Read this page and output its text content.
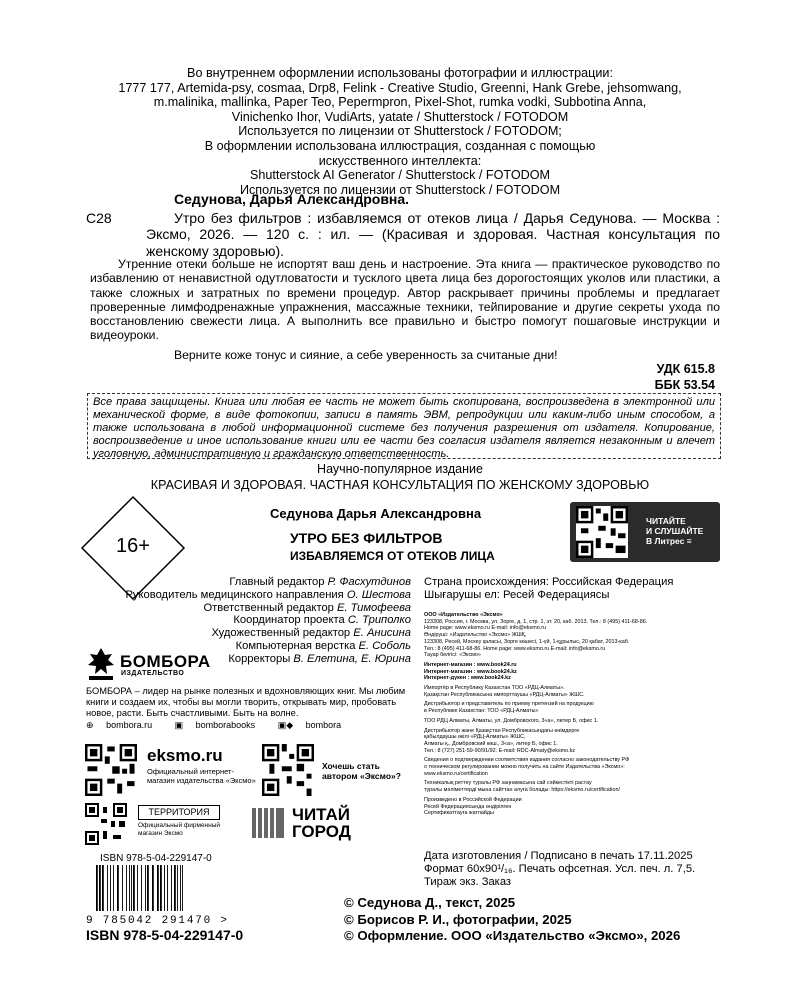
Во внутреннем оформлении использованы фотографии и иллюстрации:
1777 177, Artemida-psy, cosmaa, Drp8, Felink - Creative Studio, Greenni, Hank Grebe, jehsomwang,
m.malinika, mallinka, Paper Teo, Pepermpron, Pixel-Shot, rumka vodki, Subbotina Anna,
Vinichenko Ihor, VudiArts, yatate / Shutterstock / FOTODOM
Используется по лицензии от Shutterstock / FOTODOM;
В оформлении использована иллюстрация, созданная с помощью
искусственного интеллекта:
Shutterstock AI Generator / Shutterstock / FOTODOM
Используется по лицензии от Shutterstock / FOTODOM
Седунова, Дарья Александровна.
С28	Утро без фильтров : избавляемся от отеков лица / Дарья Седунова. — Москва : Эксмо, 2026. — 120 с. : ил. — (Красивая и здоровая. Частная консультация по женскому здоровью).
Утренние отеки больше не испортят ваш день и настроение. Эта книга — практическое руководство по избавлению от ненавистной одутловатости и тусклого цвета лица без дорогостоящих уколов или пластики, а также сложных и затратных по времени процедур. Автор раскрывает причины проблемы и предлагает проверенные лимфодренажные упражнения, массажные техники, тейпирование и другие секреты ухода по восстановлению свежести лица. А выполнить все правильно и быстро помогут пошаговые инструкции и видеоуроки.
Верните коже тонус и сияние, а себе уверенность за считаные дни!
УДК 615.8
ББК 53.54
Все права защищены. Книга или любая ее часть не может быть скопирована, воспроизведена в электронной или механической форме, в виде фотокопии, записи в память ЭВМ, репродукции или каким-либо иным способом, а также использована в любой информационной системе без получения разрешения от издателя. Копирование, воспроизведение и иное использование книги или ее части без согласия издателя является незаконным и влечет уголовную, административную и гражданскую ответственность.
Научно-популярное издание
КРАСИВАЯ И ЗДОРОВАЯ. ЧАСТНАЯ КОНСУЛЬТАЦИЯ ПО ЖЕНСКОМУ ЗДОРОВЬЮ
16+
Седунова Дарья Александровна
УТРО БЕЗ ФИЛЬТРОВ
ИЗБАВЛЯЕМСЯ ОТ ОТЕКОВ ЛИЦА
ЧИТАЙТЕ
И СЛУШАЙТЕ
В Литрес ≡
Главный редактор Р. Фасхутдинов
Руководитель медицинского направления О. Шестова
Ответственный редактор Е. Тимофеева
Координатор проекта С. Триполко
Художественный редактор Е. Анисина
Компьютерная верстка Е. Соболь
Корректоры В. Елетина, Е. Юрина
Страна происхождения: Российская Федерация
Шығарушы ел: Ресей Федерациясы
ООО «Издательство «Эксмо»
123308, Россия, г. Москва, ул. Зорге, д. 1, стр. 1, эт. 20, каб. 2013. Тел.: 8 (495) 411-68-86.
Home page: www.eksmo.ru E-mail: info@eksmo.ru
Өндіруші: «Издательство «Эксмо» ЖШҚ,
123308, Ресей, Мәскеу қаласы, Зорге көшесі, 1-үй, 1-құрылыс, 20 қабат, 2013-каб.
Тел.: 8 (495) 411-68-86. Home page: www.eksmo.ru E-mail: info@eksmo.ru
Тауар белгісі: «Эксмо»
Интернет-магазин : www.book24.ru
Интернет-магазин : www.book24.kz
Интернет-дүкен : www.book24.kz
Импортёр в Республику Казахстан ТОО «РДЦ-Алматы».
Қазақстан Республикасына импорттаушы «РДЦ-Алматы» ЖШС.
Дистрибьютор и представитель по приему претензий на продукцию
в Республике Казахстан: ТОО «РДЦ-Алматы»
ТОО РДЦ Алматы, Алматы, ул. Домбровского, 3«а», литер Б, офис 1.
Дистрибьютор жане Қазақстан Республикасындағы өнімдерге
қабылдаушы өкілі «РДЦ-Алматы» ЖШС,
Алматы қ., Домбровский көш., 3«а», литер Б, офис 1.
Тел.: 8 (727) 251-59-90/91/92. E-mail: RDC-Almaty@eksmo.kz
Сведения о подтверждении соответствия издания согласно законодательству РФ
о техническом регулировании можно получить на сайте Издательства «Эксмо»:
www.eksmo.ru/certification
Техникалық реттеу туралы РФ заңнамасына сай сәйкестікті растау
туралы мәліметтерді мына сайттан алуға болады: https://eksmo.ru/certification/
Произведено в Российской Федерации
Ресей Федерациясында өндірілген
Сертификаттауға жатпайды
БОМБОРА
ИЗДАТЕЛЬСТВО
БОМБОРА – лидер на рынке полезных и вдохновляющих книг. Мы любим книги и создаем их, чтобы вы могли творить, открывать мир, пробовать новое, расти. Быть счастливыми. Быть на волне.
⊕ bombora.ru	▣ bomborabooks	▣◆ bombora
eksmo.ru
Официальный интернет-магазин издательства «Эксмо»
Хочешь стать
автором «Эксмо»?
ТЕРРИТОРИЯ
Официальный фирменный
магазин Эксмо
ЧИТАЙ
ГОРОД
ISBN 978-5-04-229147-0
9 785042 291470 >
ISBN 978-5-04-229147-0
Дата изготовления / Подписано в печать 17.11.2025
Формат 60x90¹/₁₆. Печать офсетная. Усл. печ. л. 7,5.
Тираж экз. Заказ
© Седунова Д., текст, 2025
© Борисов Р. И., фотографии, 2025
© Оформление. ООО «Издательство «Эксмо», 2026
